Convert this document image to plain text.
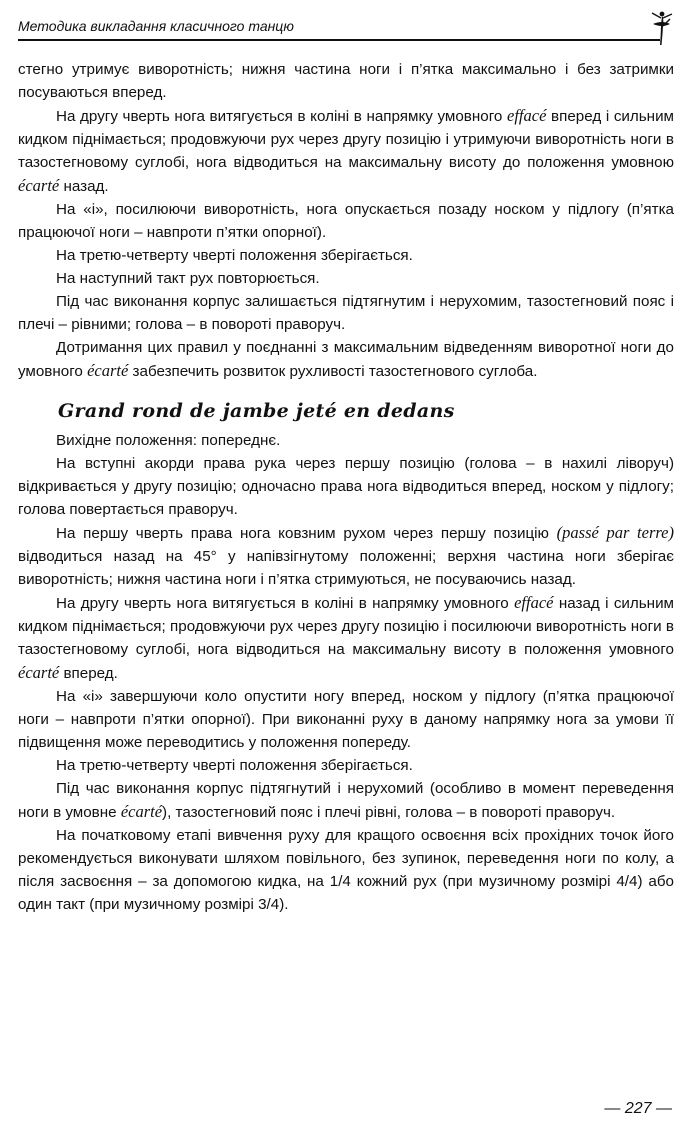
Методика викладання класичного танцю

стегно утримує виворотність; нижня частина ноги і п’ятка максимально і без затримки посуваються вперед.

На другу чверть нога витягується в коліні в напрямку умовного effacé вперед і сильним кидком піднімається; продовжуючи рух через другу позицію і утримуючи виворотність ноги в тазостегновому суглобі, нога відводиться на максимальну висоту до положення умовною écarté назад.

На «і», посилюючи виворотність, нога опускається позаду носком у підлогу (п’ятка працюючої ноги – навпроти п’ятки опорної).

На третю-четверту чверті положення зберігається.

На наступний такт рух повторюється.

Під час виконання корпус залишається підтягнутим і нерухомим, тазостегновий пояс і плечі – рівними; голова – в повороті праворуч.

Дотримання цих правил у поєднанні з максимальним відведенням виворотної ноги до умовного écarté забезпечить розвиток рухливості тазостегнового суглоба.

Grand rond de jambe jeté en dedans

Вихідне положення: попереднє.

На вступні акорди права рука через першу позицію (голова – в нахилі ліворуч) відкривається у другу позицію; одночасно права нога відводиться вперед, носком у підлогу; голова повертається праворуч.

На першу чверть права нога ковзним рухом через першу позицію (passé par terre) відводиться назад на 45° у напівзігнутому положенні; верхня частина ноги зберігає виворотність; нижня частина ноги і п’ятка стримуються, не посуваючись назад.

На другу чверть нога витягується в коліні в напрямку умовного effacé назад і сильним кидком піднімається; продовжуючи рух через другу позицію і посилюючи виворотність ноги в тазостегновому суглобі, нога відводиться на максимальну висоту в положення умовного écarté вперед.

На «і» завершуючи коло опустити ногу вперед, носком у підлогу (п’ятка працюючої ноги – навпроти п’ятки опорної). При виконанні руху в даному напрямку нога за умови її підвищення може переводитись у положення попереду.

На третю-четверту чверті положення зберігається.

Під час виконання корпус підтягнутий і нерухомий (особливо в момент переведення ноги в умовне écarté), тазостегновий пояс і плечі рівні, голова – в повороті праворуч.

На початковому етапі вивчення руху для кращого освоєння всіх прохідних точок його рекомендується виконувати шляхом повільного, без зупинок, переведення ноги по колу, а після засвоєння – за допомогою кидка, на 1/4 кожний рух (при музичному розмірі 4/4) або один такт (при музичному розмірі 3/4).

— 227 —
